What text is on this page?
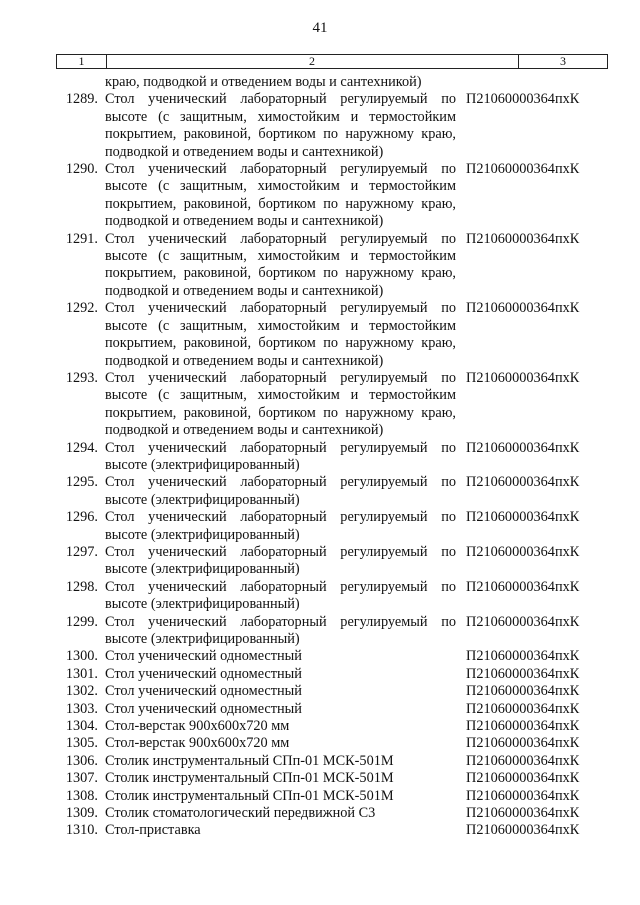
41
1	2	3
краю, подводкой и отведением воды и сантехникой)
1289. Стол ученический лабораторный регулируемый по высоте (с защитным, химостойким и термостойким покрытием, раковиной, бортиком по наружному краю, подводкой и отведением воды и сантехникой)
П21060000364пхК
1290. Стол ученический лабораторный регулируемый по высоте (с защитным, химостойким и термостойким покрытием, раковиной, бортиком по наружному краю, подводкой и отведением воды и сантехникой)
П21060000364пхК
1291. Стол ученический лабораторный регулируемый по высоте (с защитным, химостойким и термостойким покрытием, раковиной, бортиком по наружному краю, подводкой и отведением воды и сантехникой)
П21060000364пхК
1292. Стол ученический лабораторный регулируемый по высоте (с защитным, химостойким и термостойким покрытием, раковиной, бортиком по наружному краю, подводкой и отведением воды и сантехникой)
П21060000364пхК
1293. Стол ученический лабораторный регулируемый по высоте (с защитным, химостойким и термостойким покрытием, раковиной, бортиком по наружному краю, подводкой и отведением воды и сантехникой)
П21060000364пхК
1294. Стол ученический лабораторный регулируемый по высоте (электрифицированный)
П21060000364пхК
1295. Стол ученический лабораторный регулируемый по высоте (электрифицированный)
П21060000364пхК
1296. Стол ученический лабораторный регулируемый по высоте (электрифицированный)
П21060000364пхК
1297. Стол ученический лабораторный регулируемый по высоте (электрифицированный)
П21060000364пхК
1298. Стол ученический лабораторный регулируемый по высоте (электрифицированный)
П21060000364пхК
1299. Стол ученический лабораторный регулируемый по высоте (электрифицированный)
П21060000364пхК
1300. Стол ученический одноместный	П21060000364пхК
1301. Стол ученический одноместный	П21060000364пхК
1302. Стол ученический одноместный	П21060000364пхК
1303. Стол ученический одноместный	П21060000364пхК
1304. Стол-верстак 900х600х720 мм	П21060000364пхК
1305. Стол-верстак 900х600х720 мм	П21060000364пхК
1306. Столик инструментальный СПп-01 МСК-501М	П21060000364пхК
1307. Столик инструментальный СПп-01 МСК-501М	П21060000364пхК
1308. Столик инструментальный СПп-01 МСК-501М	П21060000364пхК
1309. Столик стоматологический передвижной С3	П21060000364пхК
1310. Стол-приставка	П21060000364пхК
